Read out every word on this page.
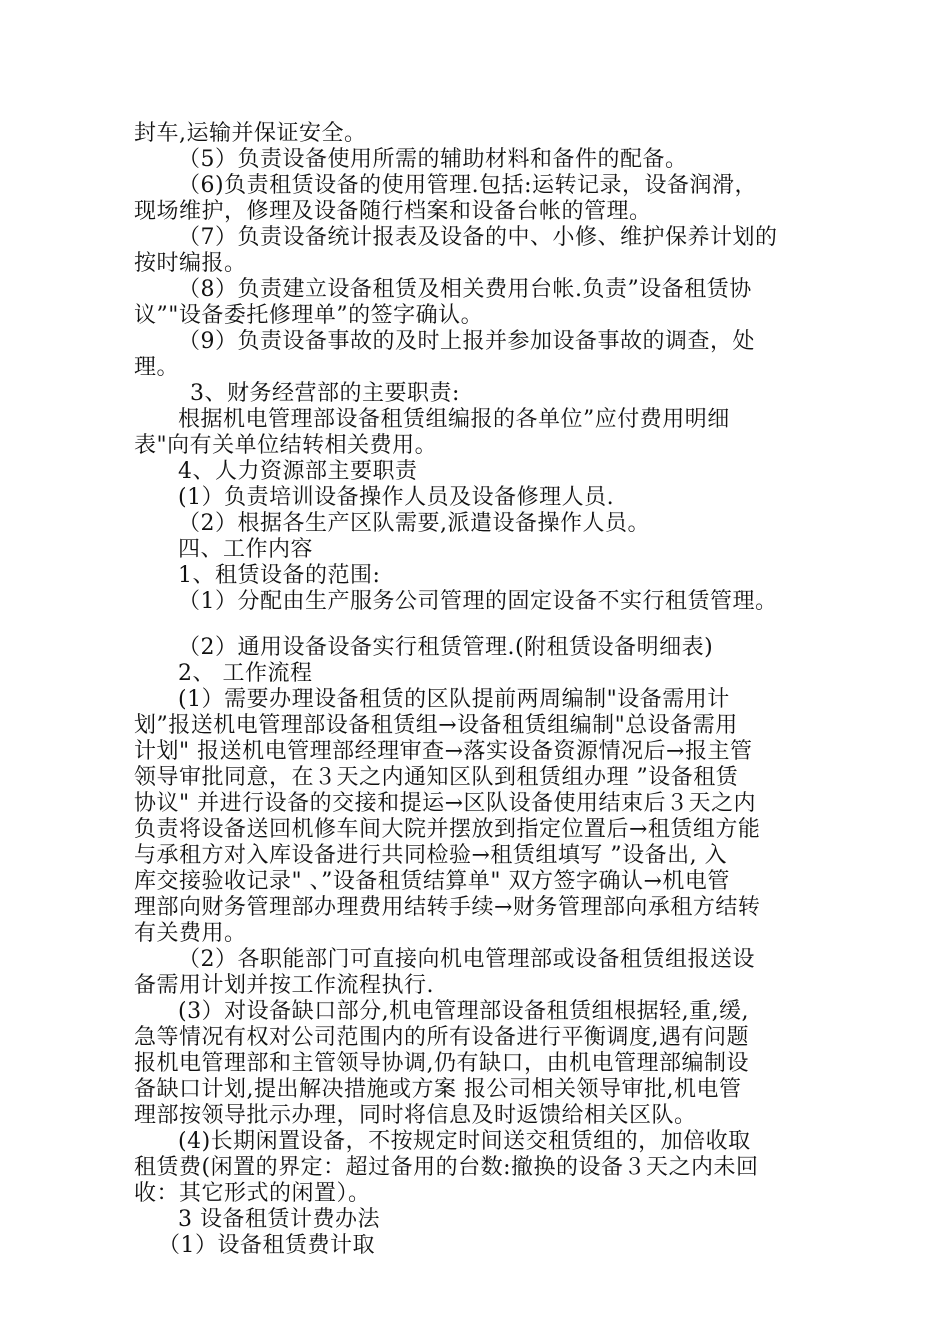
封车,运输并保证安全。
（5）负责设备使用所需的辅助材料和备件的配备。
（6)负责租赁设备的使用管理.包括:运转记录，设备润滑，
现场维护，修理及设备随行档案和设备台帐的管理。
（7）负责设备统计报表及设备的中、小修、维护保养计划的
按时编报。
（8）负责建立设备租赁及相关费用台帐.负责”设备租赁协
议”"设备委托修理单”的签字确认。
（9）负责设备事故的及时上报并参加设备事故的调查，处
理。
3、财务经营部的主要职责:
根据机电管理部设备租赁组编报的各单位”应付费用明细
表"向有关单位结转相关费用。
4、人力资源部主要职责
(1）负责培训设备操作人员及设备修理人员.
（2）根据各生产区队需要,派遣设备操作人员。
四、工作内容
1、租赁设备的范围:
（1）分配由生产服务公司管理的固定设备不实行租赁管理。
（2）通用设备设备实行租赁管理.(附租赁设备明细表)
2、 工作流程
(1）需要办理设备租赁的区队提前两周编制"设备需用计
划”报送机电管理部设备租赁组→设备租赁组编制"总设备需用
计划" 报送机电管理部经理审查→落实设备资源情况后→报主管
领导审批同意，在３天之内通知区队到租赁组办理 ”设备租赁
协议" 并进行设备的交接和提运→区队设备使用结束后３天之内
负责将设备送回机修车间大院并摆放到指定位置后→租赁组方能
与承租方对入库设备进行共同检验→租赁组填写 ”设备出, 入
库交接验收记录" 、”设备租赁结算单" 双方签字确认→机电管
理部向财务管理部办理费用结转手续→财务管理部向承租方结转
有关费用。
（2）各职能部门可直接向机电管理部或设备租赁组报送设
备需用计划并按工作流程执行.
(3）对设备缺口部分,机电管理部设备租赁组根据轻,重,缓,
急等情况有权对公司范围内的所有设备进行平衡调度,遇有问题
报机电管理部和主管领导协调,仍有缺口，由机电管理部编制设
备缺口计划,提出解决措施或方案 报公司相关领导审批,机电管
理部按领导批示办理，同时将信息及时返馈给相关区队。
(4)长期闲置设备，不按规定时间送交租赁组的，加倍收取
租赁费(闲置的界定：超过备用的台数:撤换的设备３天之内未回
收：其它形式的闲置）。
3 设备租赁计费办法
（1）设备租赁费计取
